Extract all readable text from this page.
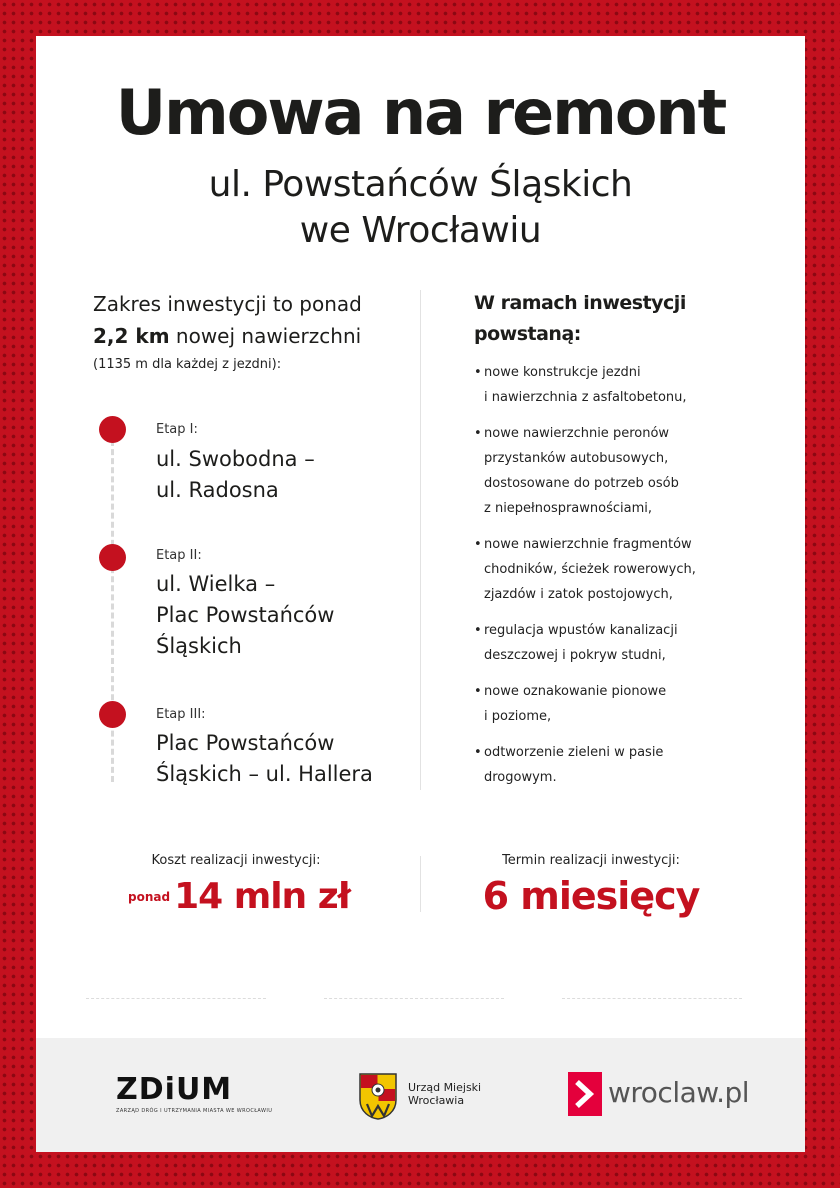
Umowa na remont
ul. Powstańców Śląskich
we Wrocławiu
Zakres inwestycji to ponad
2,2 km nowej nawierzchni
(1135 m dla każdej z jezdni):
Etap I:
ul. Swobodna –
ul. Radosna
Etap II:
ul. Wielka –
Plac Powstańców
Śląskich
Etap III:
Plac Powstańców
Śląskich – ul. Hallera
W ramach inwestycji
powstaną:
• nowe konstrukcje jezdni
i nawierzchnia z asfaltobetonu,
• nowe nawierzchnie peronów
przystanków autobusowych,
dostosowane do potrzeb osób
z niepełnosprawnościami,
• nowe nawierzchnie fragmentów
chodników, ścieżek rowerowych,
zjazdów i zatok postojowych,
• regulacja wpustów kanalizacji
deszczowej i pokryw studni,
• nowe oznakowanie pionowe
i poziome,
• odtworzenie zieleni w pasie
drogowym.
Koszt realizacji inwestycji:
ponad 14 mln zł
Termin realizacji inwestycji:
6 miesięcy
ZDiUM
ZARZĄD DRÓG I UTRZYMANIA MIASTA WE WROCŁAWIU
Urząd Miejski
Wrocławia	wroclaw.pl
